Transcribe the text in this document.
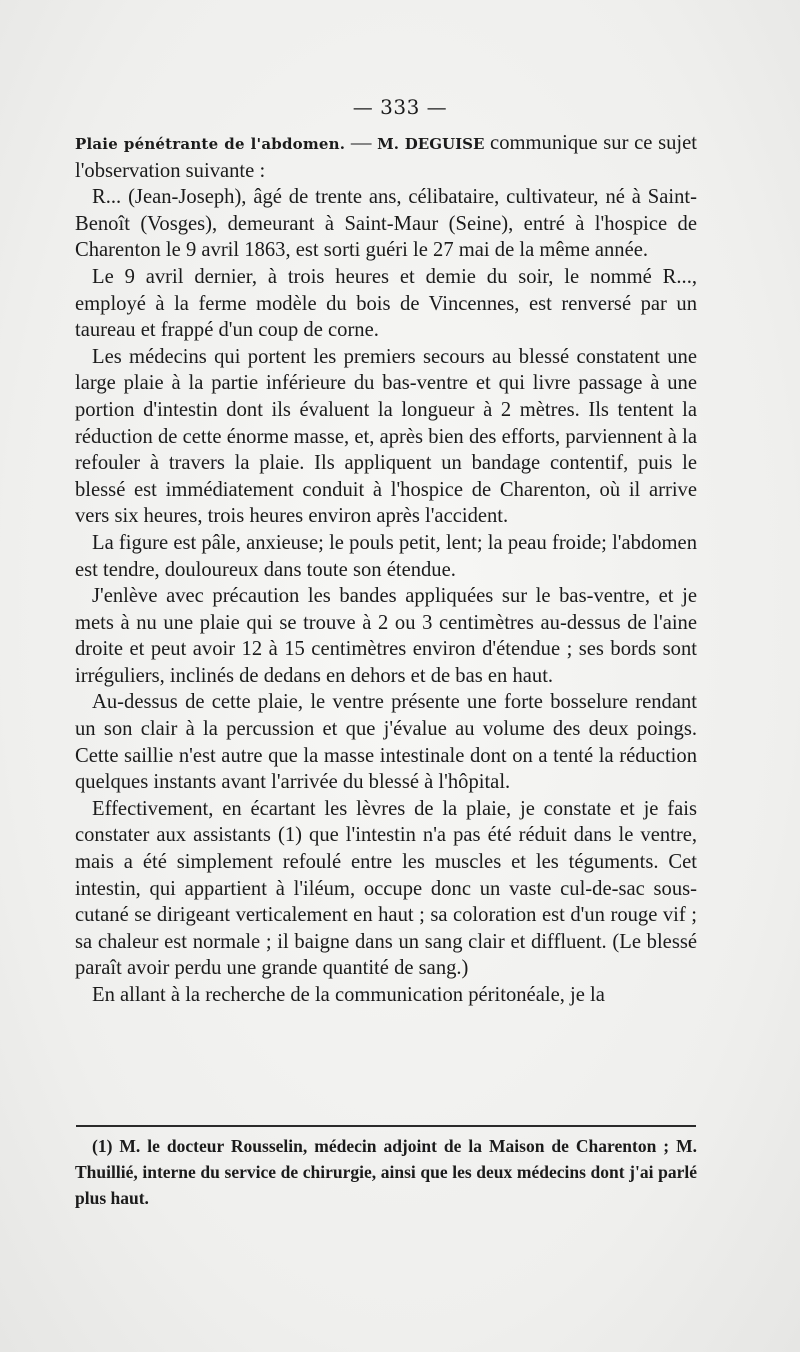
— 333 —

Plaie pénétrante de l'abdomen. — M. DEGUISE communique sur ce sujet l'observation suivante :

R... (Jean-Joseph), âgé de trente ans, célibataire, cultivateur, né à Saint-Benoît (Vosges), demeurant à Saint-Maur (Seine), entré à l'hospice de Charenton le 9 avril 1863, est sorti guéri le 27 mai de la même année.

Le 9 avril dernier, à trois heures et demie du soir, le nommé R..., employé à la ferme modèle du bois de Vincennes, est renversé par un taureau et frappé d'un coup de corne.

Les médecins qui portent les premiers secours au blessé constatent une large plaie à la partie inférieure du bas-ventre et qui livre passage à une portion d'intestin dont ils évaluent la longueur à 2 mètres. Ils tentent la réduction de cette énorme masse, et, après bien des efforts, parviennent à la refouler à travers la plaie. Ils appliquent un bandage contentif, puis le blessé est immédiatement conduit à l'hospice de Charenton, où il arrive vers six heures, trois heures environ après l'accident.

La figure est pâle, anxieuse; le pouls petit, lent; la peau froide; l'abdomen est tendre, douloureux dans toute son étendue.

J'enlève avec précaution les bandes appliquées sur le bas-ventre, et je mets à nu une plaie qui se trouve à 2 ou 3 centimètres au-dessus de l'aine droite et peut avoir 12 à 15 centimètres environ d'étendue ; ses bords sont irréguliers, inclinés de dedans en dehors et de bas en haut.

Au-dessus de cette plaie, le ventre présente une forte bosselure rendant un son clair à la percussion et que j'évalue au volume des deux poings. Cette saillie n'est autre que la masse intestinale dont on a tenté la réduction quelques instants avant l'arrivée du blessé à l'hôpital.

Effectivement, en écartant les lèvres de la plaie, je constate et je fais constater aux assistants (1) que l'intestin n'a pas été réduit dans le ventre, mais a été simplement refoulé entre les muscles et les téguments. Cet intestin, qui appartient à l'iléum, occupe donc un vaste cul-de-sac sous-cutané se dirigeant verticalement en haut ; sa coloration est d'un rouge vif ; sa chaleur est normale ; il baigne dans un sang clair et diffluent. (Le blessé paraît avoir perdu une grande quantité de sang.)

En allant à la recherche de la communication péritonéale, je la

(1) M. le docteur Rousselin, médecin adjoint de la Maison de Charenton ; M. Thuillié, interne du service de chirurgie, ainsi que les deux médecins dont j'ai parlé plus haut.
